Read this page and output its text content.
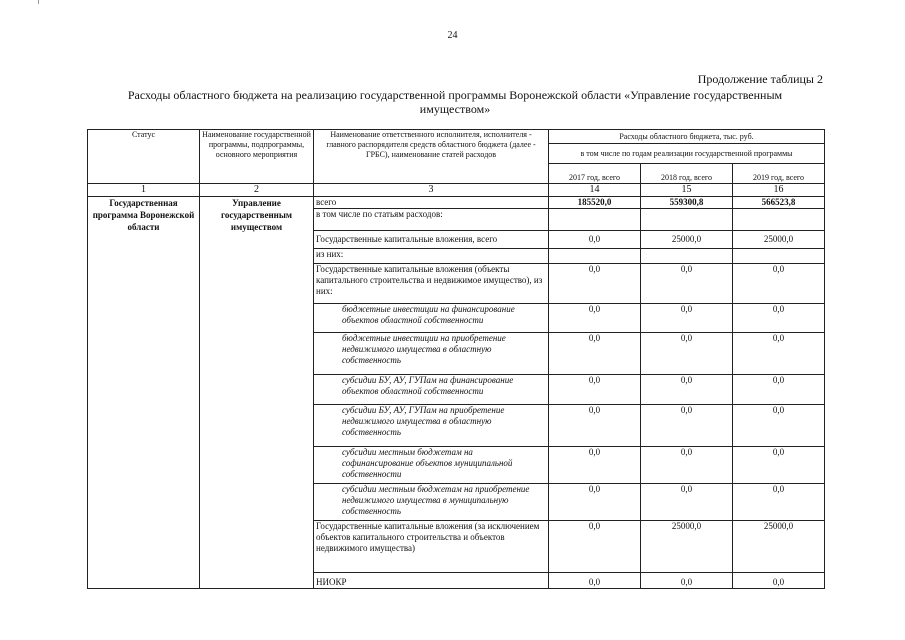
24
Продолжение таблицы 2
Расходы областного бюджета на реализацию государственной программы Воронежской области «Управление государственным имуществом»
Статус	Наименование государственной программы, подпрограммы, основного мероприятия	Наименование ответственного исполнителя, исполнителя - главного распорядителя средств областного бюджета (далее - ГРБС), наименование статей расходов	Расходы областного бюджета, тыс. руб.		
			в том числе по годам реализации государственной программы		
			2017 год, всего	2018 год, всего	2019 год, всего
1	2	3	14	15	16
Государственная программа Воронежской области	Управление государственным имуществом	всего	185520,0	559300,8	566523,8
		в том числе по статьям расходов:			
		Государственные капитальные вложения, всего	0,0	25000,0	25000,0
		из них:			
		Государственные капитальные вложения (объекты капитального строительства и недвижимое имущество), из них:	0,0	0,0	0,0
		бюджетные инвестиции на финансирование объектов областной собственности	0,0	0,0	0,0
		бюджетные инвестиции на приобретение недвижимого имущества в областную собственность	0,0	0,0	0,0
		субсидии БУ, АУ, ГУПам на финансирование объектов областной собственности	0,0	0,0	0,0
		субсидии БУ, АУ, ГУПам на приобретение недвижимого имущества в областную собственность	0,0	0,0	0,0
		субсидии местным бюджетам на софинансирование объектов муниципальной собственности	0,0	0,0	0,0
		субсидии местным бюджетам на приобретение недвижимого имущества в муниципальную собственность	0,0	0,0	0,0
		Государственные капитальные вложения (за исключением объектов капитального строительства и объектов недвижимого имущества)	0,0	25000,0	25000,0
		НИОКР	0,0	0,0	0,0
